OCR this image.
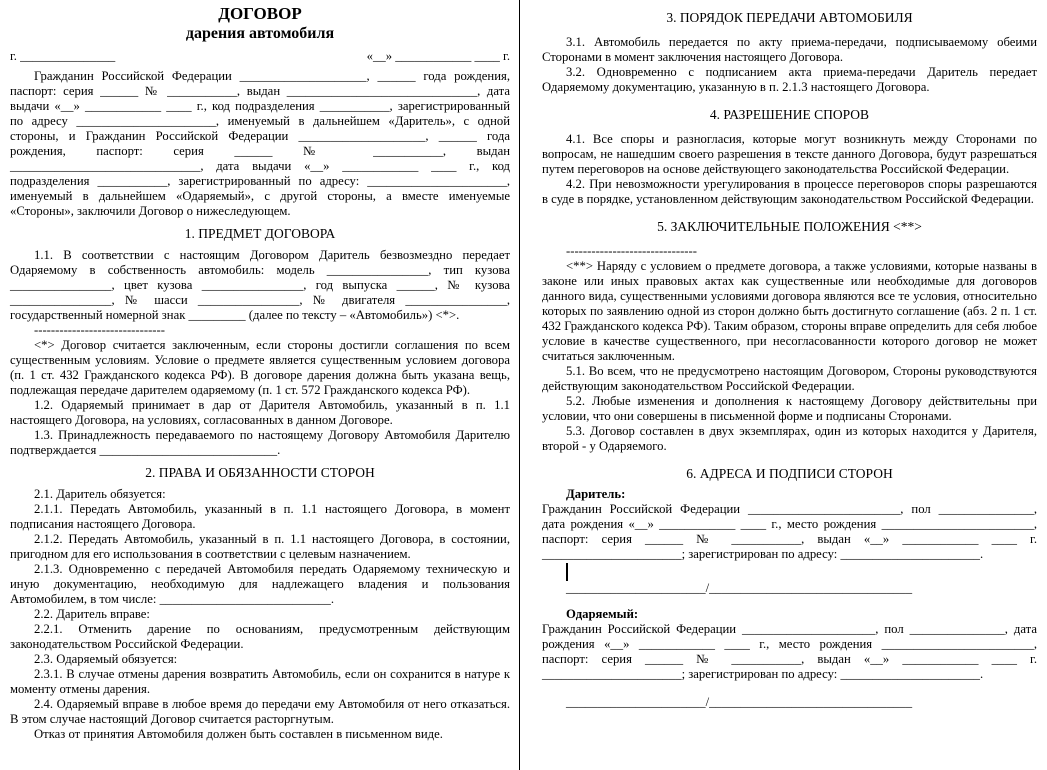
ДОГОВОР
дарения автомобиля
г. _______________	«__» ____________ ____ г.

Гражданин Российской Федерации ____________________, ______ года рождения, паспорт: серия ______ № ___________, выдан ______________________________, дата выдачи «__» ____________ ____ г., код подразделения ___________, зарегистрированный по адресу ______________________, именуемый в дальнейшем «Даритель», с одной стороны, и Гражданин Российской Федерации ____________________, ______ года рождения, паспорт: серия ______ № ___________, выдан ______________________________, дата выдачи «__» ____________ ____ г., код подразделения ___________, зарегистрированный по адресу: ______________________, именуемый в дальнейшем «Одаряемый», с другой стороны, а вместе именуемые «Стороны», заключили Договор о нижеследующем.

1. ПРЕДМЕТ ДОГОВОРА

1.1. В соответствии с настоящим Договором Даритель безвозмездно передает Одаряемому в собственность автомобиль: модель ________________, тип кузова ________________, цвет кузова ________________, год выпуска ______, № кузова ________________, № шасси ________________, № двигателя ________________, государственный номерной знак _________ (далее по тексту – «Автомобиль») <*>.

-------------------------------

<*> Договор считается заключенным, если стороны достигли соглашения по всем существенным условиям. Условие о предмете является существенным условием договора (п. 1 ст. 432 Гражданского кодекса РФ). В договоре дарения должна быть указана вещь, подлежащая передаче дарителем одаряемому (п. 1 ст. 572 Гражданского кодекса РФ).

1.2. Одаряемый принимает в дар от Дарителя Автомобиль, указанный в п. 1.1 настоящего Договора, на условиях, согласованных в данном Договоре.

1.3. Принадлежность передаваемого по настоящему Договору Автомобиля Дарителю подтверждается ____________________________.

2. ПРАВА И ОБЯЗАННОСТИ СТОРОН

2.1. Даритель обязуется:

2.1.1. Передать Автомобиль, указанный в п. 1.1 настоящего Договора, в момент подписания настоящего Договора.

2.1.2. Передать Автомобиль, указанный в п. 1.1 настоящего Договора, в состоянии, пригодном для его использования в соответствии с целевым назначением.

2.1.3. Одновременно с передачей Автомобиля передать Одаряемому техническую и иную документацию, необходимую для надлежащего владения и пользования Автомобилем, в том числе: ___________________________.

2.2. Даритель вправе:

2.2.1. Отменить дарение по основаниям, предусмотренным действующим законодательством Российской Федерации.

2.3. Одаряемый обязуется:

2.3.1. В случае отмены дарения возвратить Автомобиль, если он сохранится в натуре к моменту отмены дарения.

2.4. Одаряемый вправе в любое время до передачи ему Автомобиля от него отказаться. В этом случае настоящий Договор считается расторгнутым.

Отказ от принятия Автомобиля должен быть составлен в письменном виде.

3. ПОРЯДОК ПЕРЕДАЧИ АВТОМОБИЛЯ

3.1. Автомобиль передается по акту приема-передачи, подписываемому обеими Сторонами в момент заключения настоящего Договора.

3.2. Одновременно с подписанием акта приема-передачи Даритель передает Одаряемому документацию, указанную в п. 2.1.3 настоящего Договора.

4. РАЗРЕШЕНИЕ СПОРОВ

4.1. Все споры и разногласия, которые могут возникнуть между Сторонами по вопросам, не нашедшим своего разрешения в тексте данного Договора, будут разрешаться путем переговоров на основе действующего законодательства Российской Федерации.

4.2. При невозможности урегулирования в процессе переговоров споры разрешаются в суде в порядке, установленном действующим законодательством Российской Федерации.

5. ЗАКЛЮЧИТЕЛЬНЫЕ ПОЛОЖЕНИЯ <**>

-------------------------------

<**> Наряду с условием о предмете договора, а также условиями, которые названы в законе или иных правовых актах как существенные или необходимые для договоров данного вида, существенными условиями договора являются все те условия, относительно которых по заявлению одной из сторон должно быть достигнуто соглашение (абз. 2 п. 1 ст. 432 Гражданского кодекса РФ). Таким образом, стороны вправе определить для себя любое условие в качестве существенного, при несогласованности которого договор не может считаться заключенным.

5.1. Во всем, что не предусмотрено настоящим Договором, Стороны руководствуются действующим законодательством Российской Федерации.

5.2. Любые изменения и дополнения к настоящему Договору действительны при условии, что они совершены в письменной форме и подписаны Сторонами.

5.3. Договор составлен в двух экземплярах, один из которых находится у Дарителя, второй - у Одаряемого.

6. АДРЕСА И ПОДПИСИ СТОРОН

Даритель:

Гражданин Российской Федерации ________________________, пол _______________, дата рождения «__» ____________ ____ г., место рождения ________________________, паспорт: серия ______ № ___________, выдан «__» ____________ ____ г. ______________________; зарегистрирован по адресу: ______________________.

______________________/________________________________

Одаряемый:

Гражданин Российской Федерации _____________________, пол _______________, дата рождения «__» ____________ ____ г., место рождения ________________________, паспорт: серия ______ № ___________, выдан «__» ____________ ____ г. ______________________; зарегистрирован по адресу: ______________________.

______________________/________________________________
